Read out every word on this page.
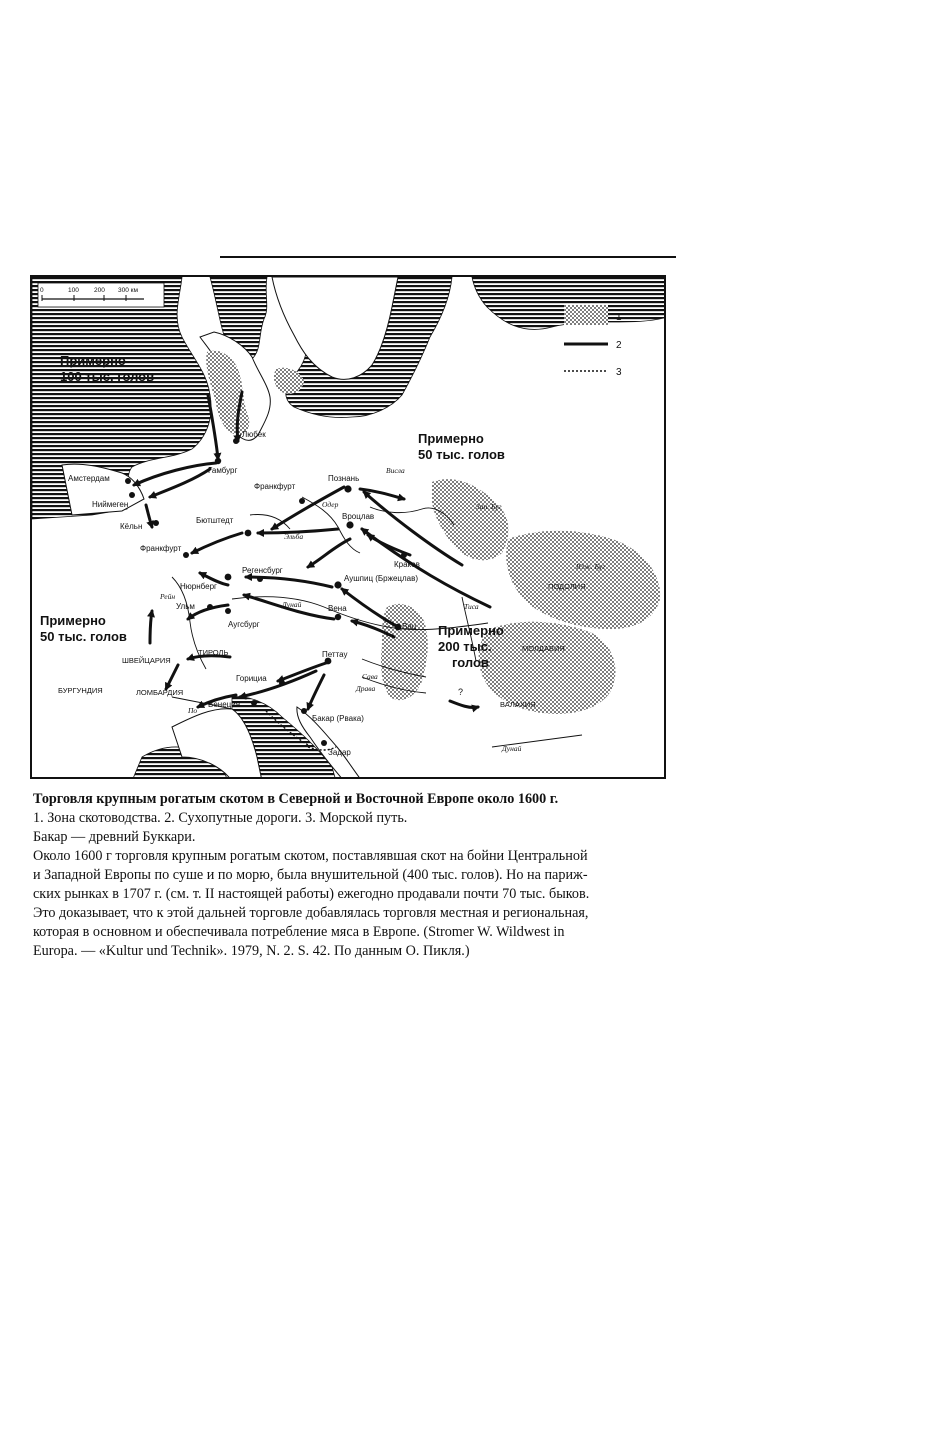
1
2
3
0	100 200 300 км
Примерно
100 тыс. голов
Примерно
50 тыс. голов
Примерно
50 тыс. голов	Примерно
200 тыс.
голов
Любек
Гамбург
Амстердам
Ниймеген
Кёльн
Франкфурт
Бютштедт
Франкфурт
Познань
Вроцлав
Краков
Аушпиц (Бржецлав)
Нюрнберг
Регенсбург
Ульм
Аугсбург
Вена
Вац
Петтау
Горициа
Венеция
Бакар (Рвака)
Задар
ШВЕЙЦАРИЯ
ТИРОЛЬ
БУРГУНДИЯ	ЛОМБАРДИЯ
ПОДОЛИЯ
МОЛДАВИЯ
ВАЛАХИЯ
Висла
Одер
Эльба
Зап. Буг
Юж. Буг
Тиса
Дунай
Дунай
Драва
Сава
Рейн
По
?
Торговля крупным рогатым скотом в Северной и Восточной Европе около 1600 г.
1. Зона скотоводства. 2. Сухопутные дороги. 3. Морской путь.
Бакар — древний Буккари.
Около 1600 г торговля крупным рогатым скотом, поставлявшая скот на бойни Центральной
и Западной Европы по суше и по морю, была внушительной (400 тыс. голов). Но на париж-
ских рынках в 1707 г. (см. т. II настоящей работы) ежегодно продавали почти 70 тыс. быков.
Это доказывает, что к этой дальней торговле добавлялась торговля местная и региональная,
которая в основном и обеспечивала потребление мяса в Европе. (Stromer W. Wildwest in
Europa. — «Kultur und Technik». 1979, N. 2. S. 42. По данным О. Пикля.)
